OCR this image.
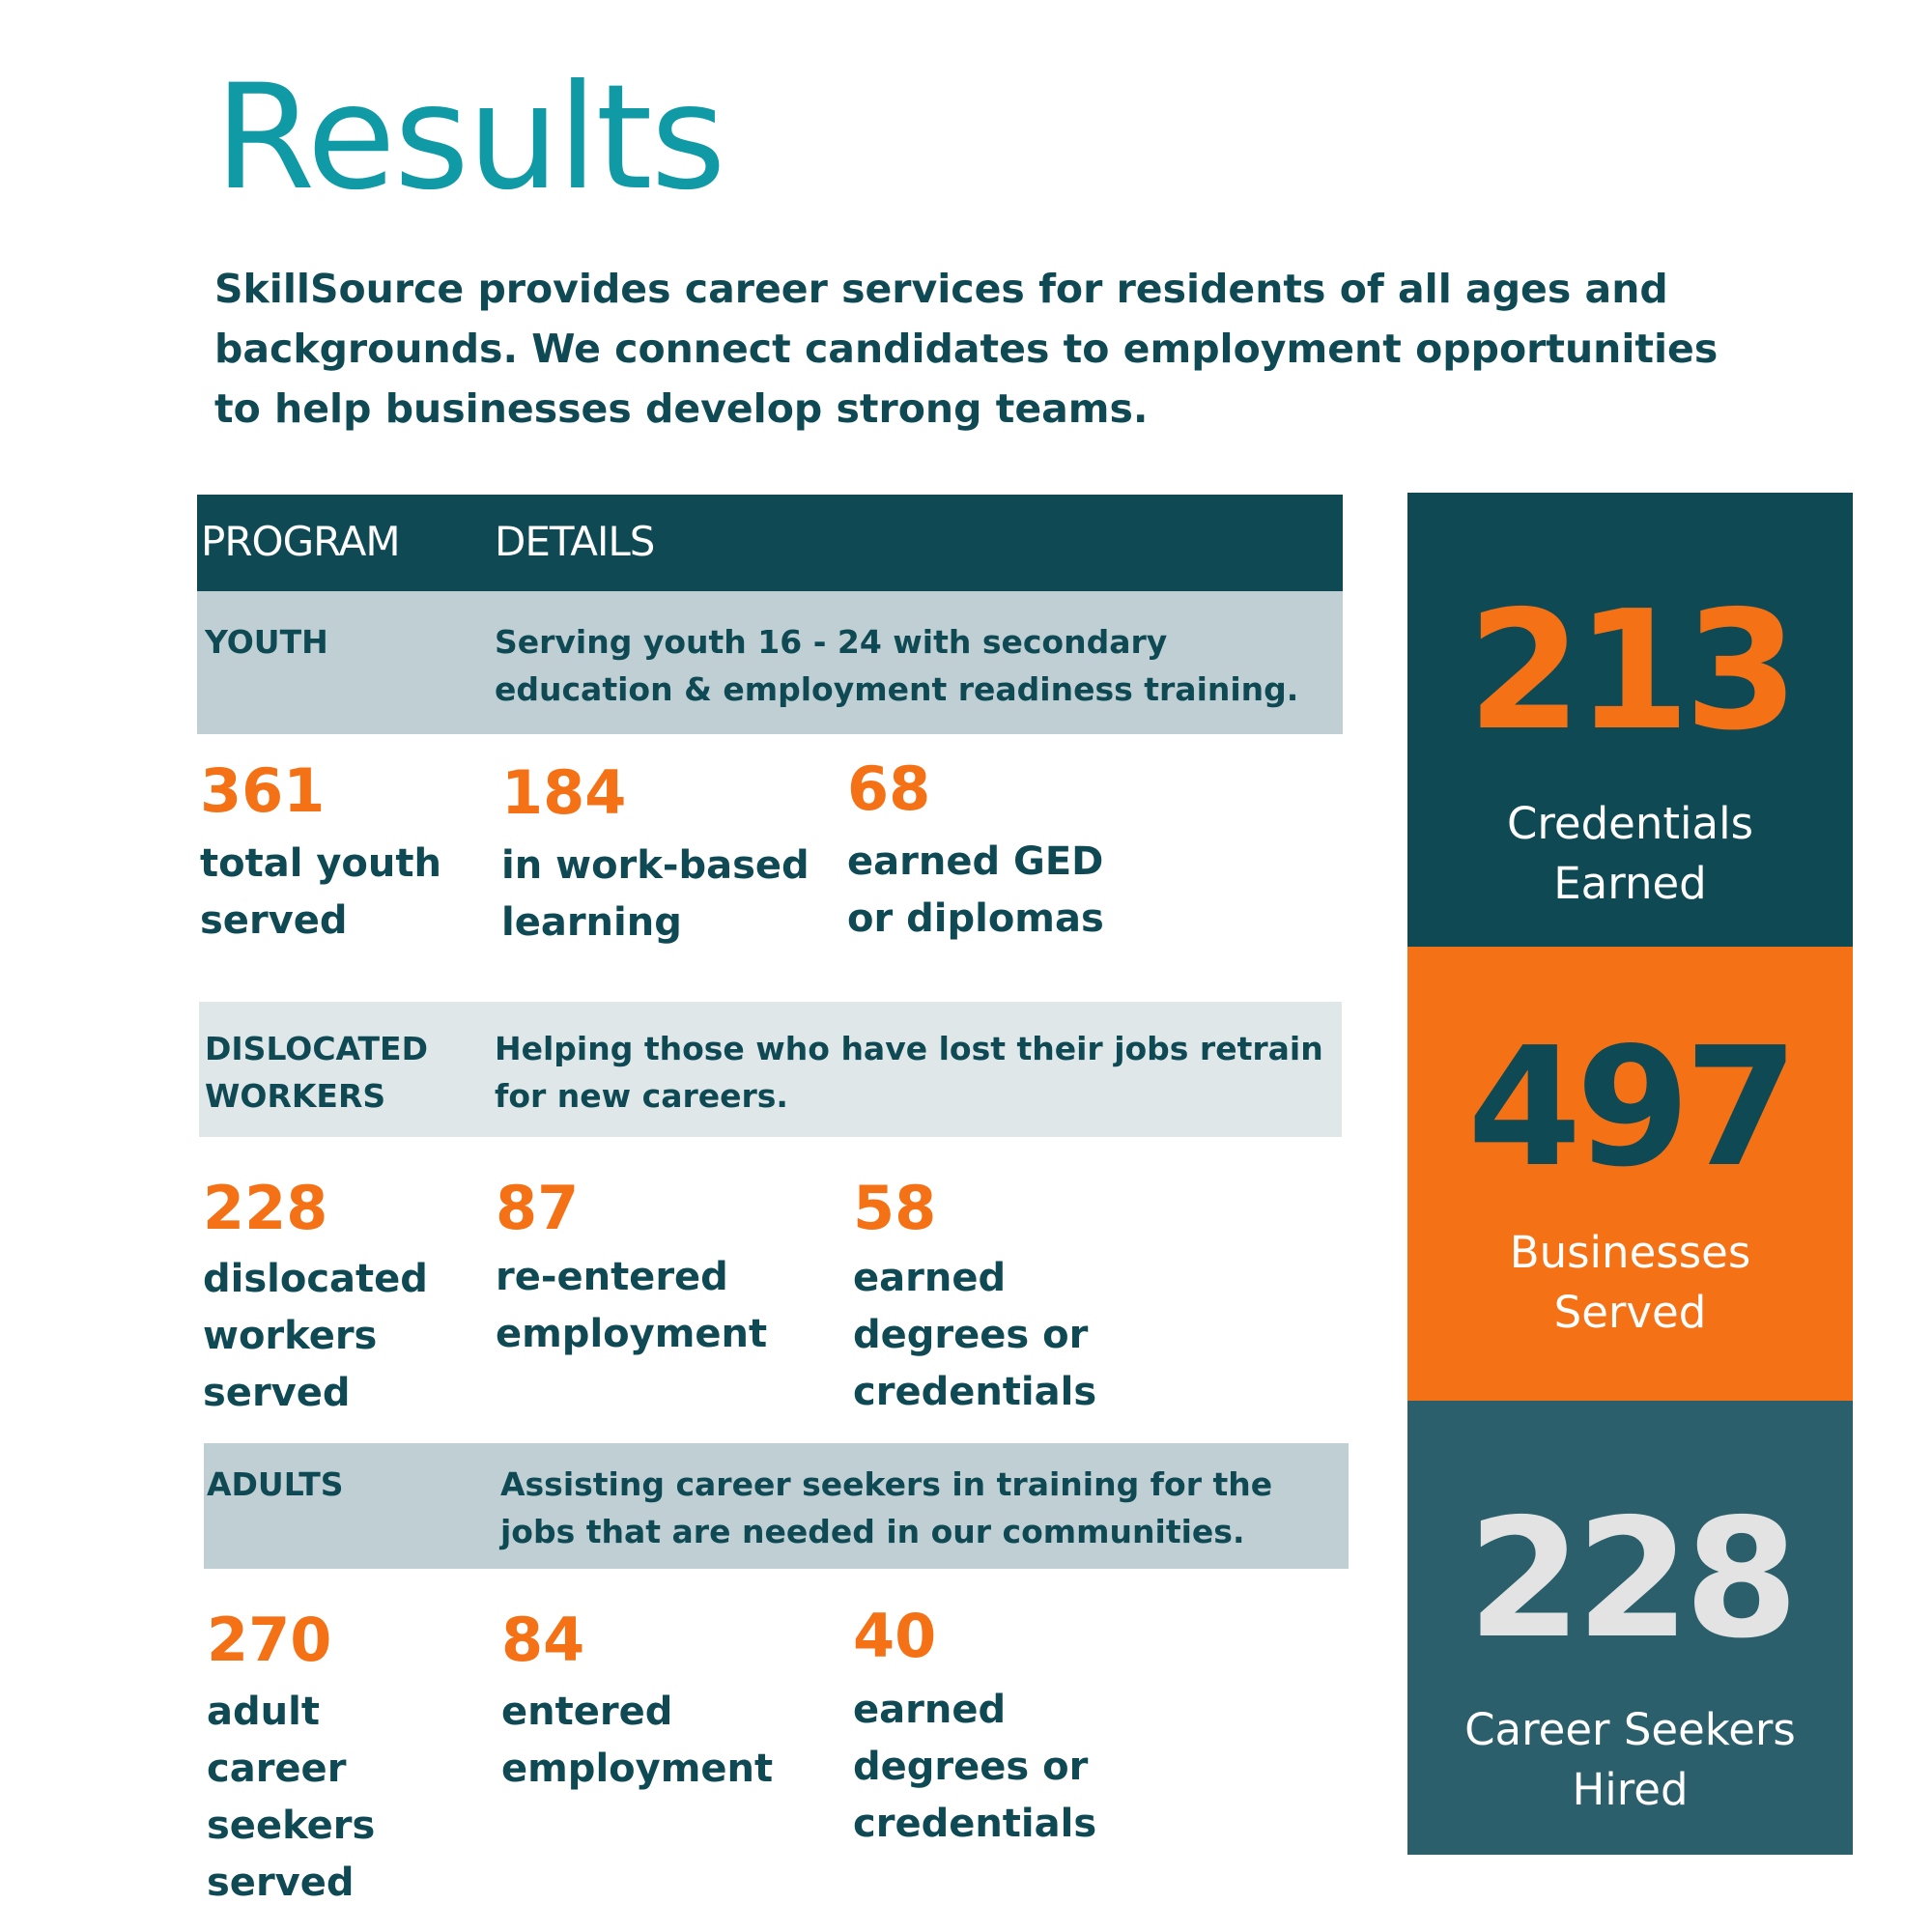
Results
SkillSource provides career services for residents of all ages and backgrounds. We connect candidates to employment opportunities to help businesses develop strong teams.
PROGRAM DETAILS
YOUTH	Serving youth 16 - 24 with secondary education & employment readiness training.
361
total youth served
184
in work-based learning
68
earned GED or diplomas
DISLOCATED WORKERS
Helping those who have lost their jobs retrain for new careers.
228
dislocated workers served
87
re-entered employment
58
earned degrees or credentials
ADULTS	Assisting career seekers in training for the jobs that are needed in our communities.
270
adult career seekers served
84
entered employment
40
earned degrees or credentials
213
Credentials Earned
497
Businesses Served
228
Career Seekers Hired
